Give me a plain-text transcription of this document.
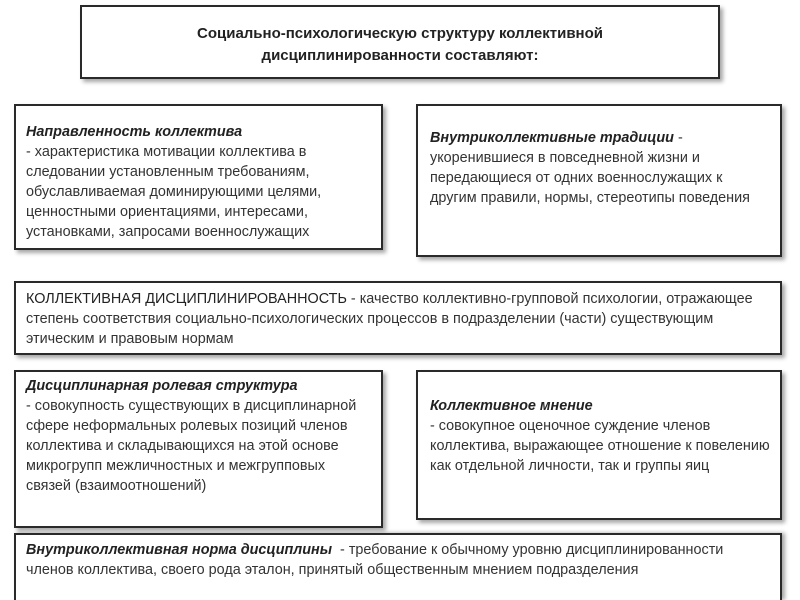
Социально-психологическую структуру коллективной
дисциплинированности составляют:
Направленность коллектива
- характеристика мотивации коллектива в следовании установленным требованиям, обуславливаемая доминирующими целями, ценностными ориентациями, интересами, установками, запросами военнослужащих
Внутриколлективные традиции -
укоренившиеся в повседневной жизни и передающиеся от одних военнослужащих к другим правили, нормы, стереотипы поведения
КОЛЛЕКТИВНАЯ ДИСЦИПЛИНИРОВАННОСТЬ - качество коллективно-групповой психологии, отражающее степень соответствия социально-психологических процессов в подразделении (части) существующим этическим и правовым нормам
Дисциплинарная ролевая структура
- совокупность существующих в дисциплинарной сфере неформальных ролевых позиций членов коллектива и складывающихся на этой основе микрогрупп межличностных и межгрупповых связей (взаимоотношений)
Коллективное мнение
- совокупное оценочное суждение членов коллектива, выражающее отношение к повелению как отдельной личности, так и группы яиц
Внутриколлективная норма дисциплины  - требование к обычному уровню дисциплинированности членов коллектива, своего рода эталон, принятый общественным мнением подразделения
